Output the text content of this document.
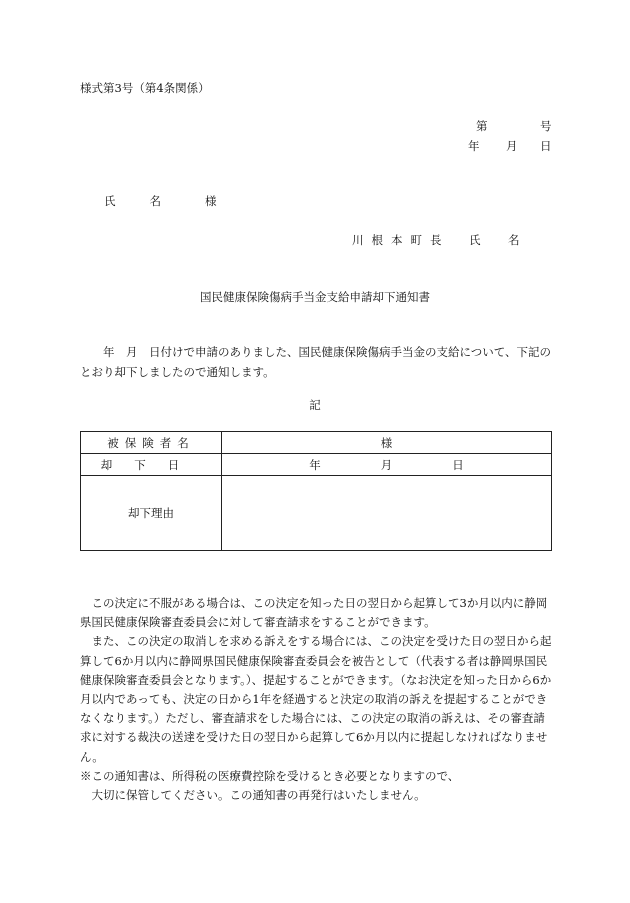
様式第3号（第4条関係）
第	号
年 月 日
氏	名	様
川根本町長　氏　名
国民健康保険傷病手当金支給申請却下通知書
年　月　日付けで申請のありました、国民健康保険傷病手当金の支給について、下記のとおり却下しましたので通知します。
記
被保険者名	様
却下日	年 月 日
却下理由	

この決定に不服がある場合は、この決定を知った日の翌日から起算して3か月以内に静岡県国民健康保険審査委員会に対して審査請求をすることができます。

また、この決定の取消しを求める訴えをする場合には、この決定を受けた日の翌日から起算して6か月以内に静岡県国民健康保険審査委員会を被告として（代表する者は静岡県国民健康保険審査委員会となります。）、提起することができます。（なお決定を知った日から6か月以内であっても、決定の日から1年を経過すると決定の取消の訴えを提起することができなくなります。）ただし、審査請求をした場合には、この決定の取消の訴えは、その審査請求に対する裁決の送達を受けた日の翌日から起算して6か月以内に提起しなければなりません。

※この通知書は、所得税の医療費控除を受けるとき必要となりますので、

大切に保管してください。この通知書の再発行はいたしません。
